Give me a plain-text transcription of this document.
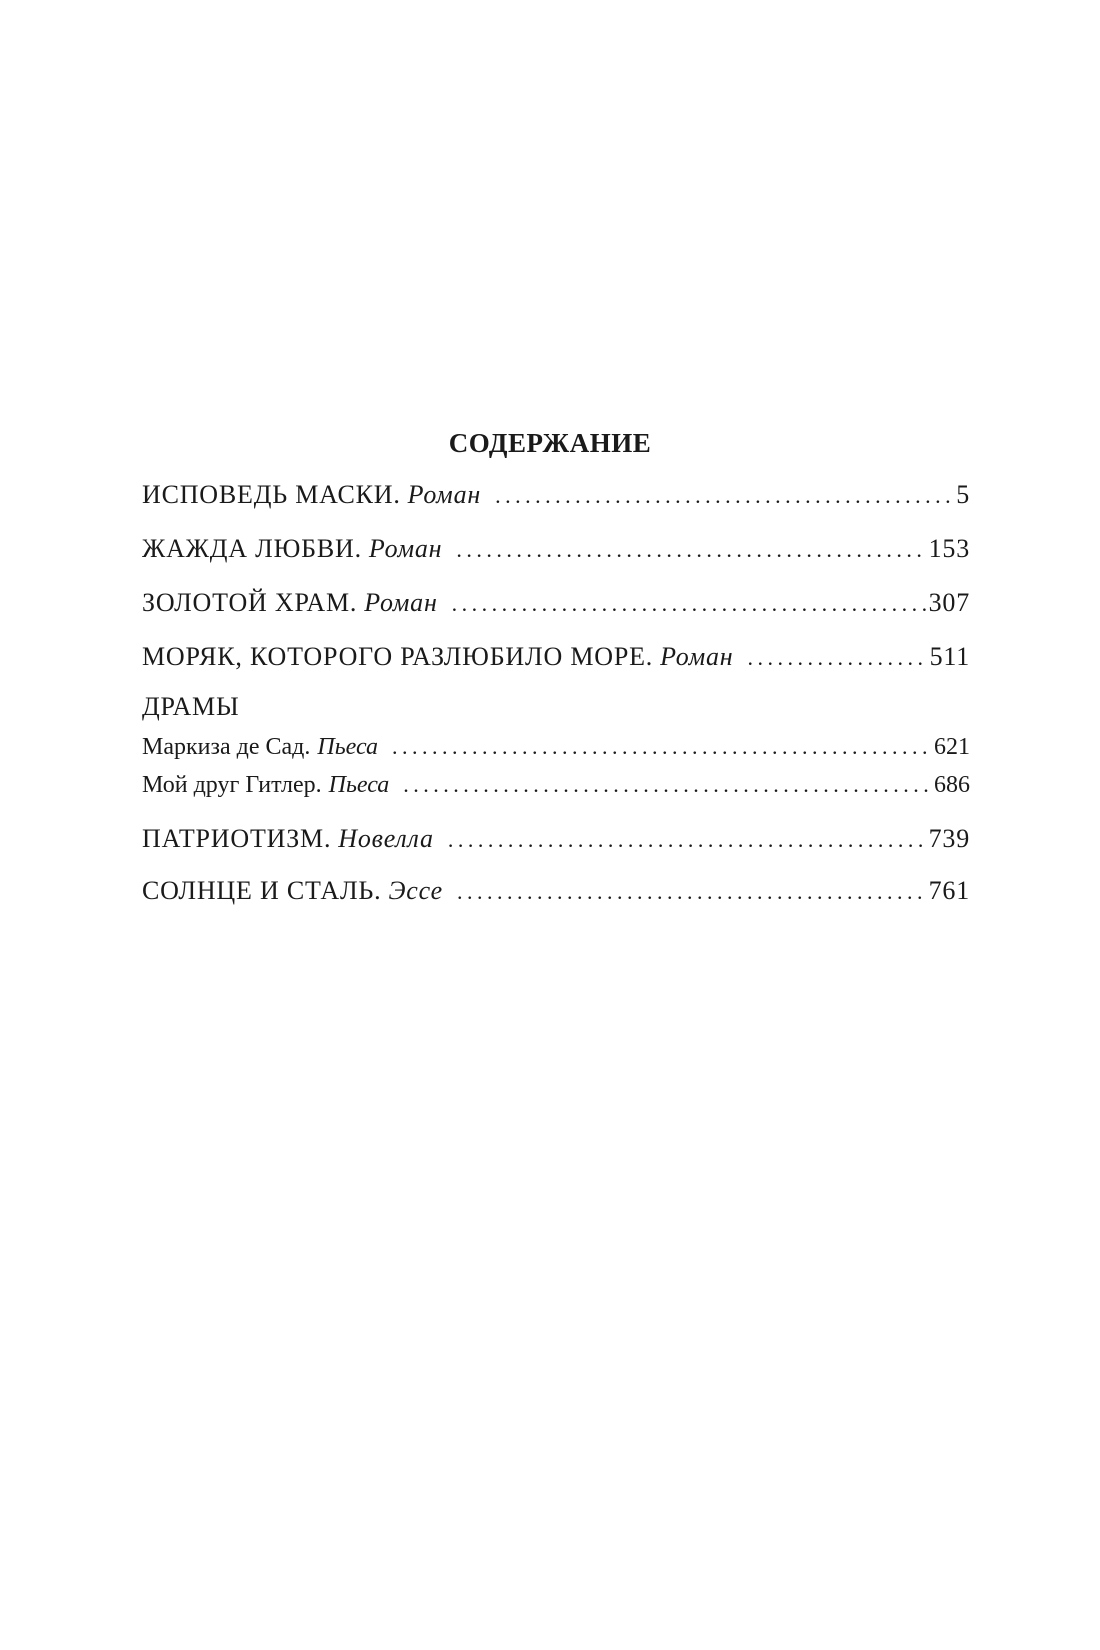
СОДЕРЖАНИЕ
ИСПОВЕДЬ МАСКИ. Роман . . .	5
ЖАЖДА ЛЮБВИ. Роман . . .	153
ЗОЛОТОЙ ХРАМ. Роман . . .	307
МОРЯК, КОТОРОГО РАЗЛЮБИЛО МОРЕ. Роман . . .	511
ДРАМЫ
Маркиза де Сад. Пьеса . . .	621
Мой друг Гитлер. Пьеса . . .	686
ПАТРИОТИЗМ. Новелла . . .	739
СОЛНЦЕ И СТАЛЬ. Эссе . . .	761
